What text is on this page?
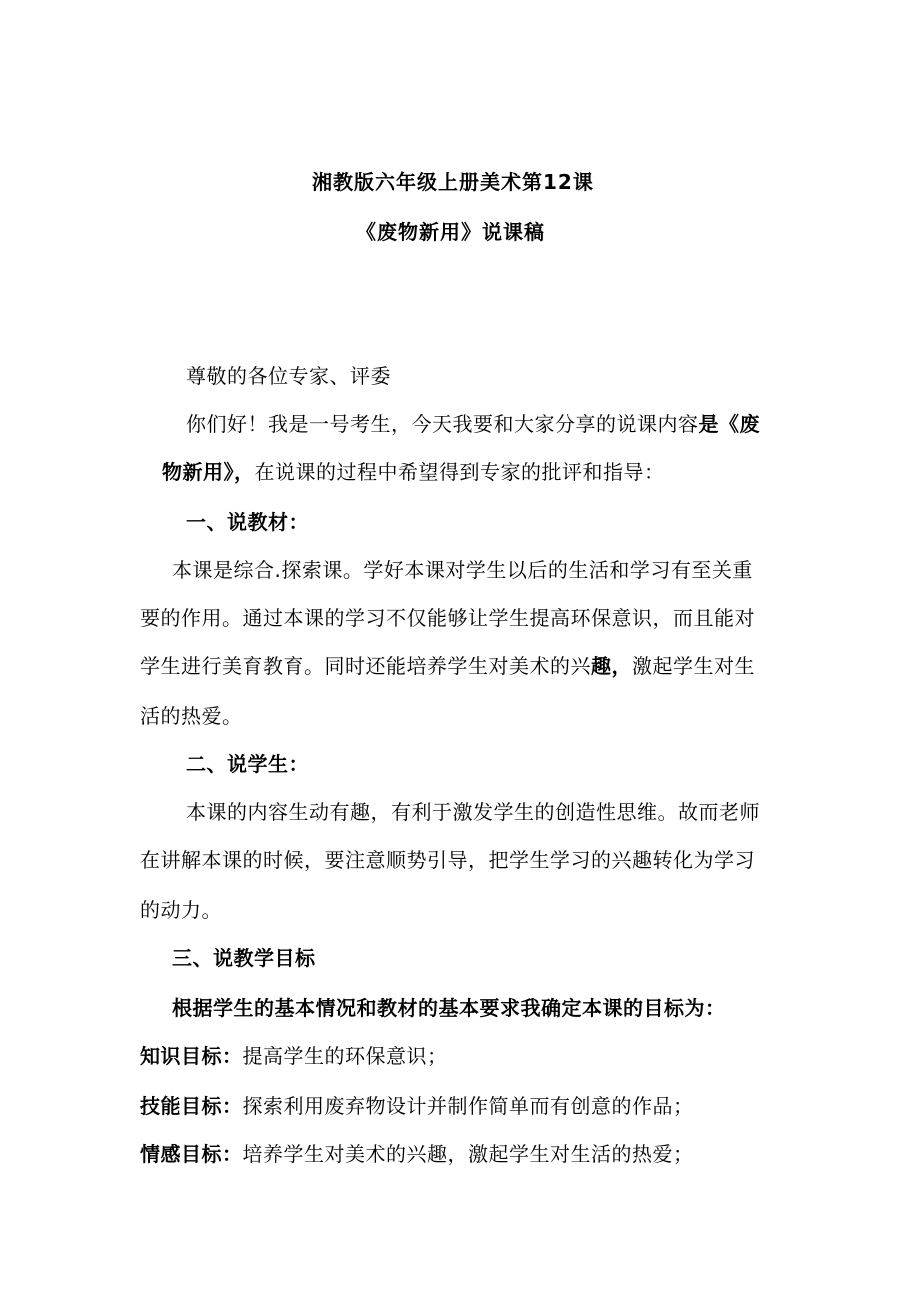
湘教版六年级上册美术第12课
《废物新用》说课稿
尊敬的各位专家、评委
你们好！我是一号考生，今天我要和大家分享的说课内容是《废
物新用》，在说课的过程中希望得到专家的批评和指导：
一、说教材：
本课是综合.探索课。学好本课对学生以后的生活和学习有至关重
要的作用。通过本课的学习不仅能够让学生提高环保意识，而且能对
学生进行美育教育。同时还能培养学生对美术的兴趣，激起学生对生
活的热爱。
二、说学生：
本课的内容生动有趣，有利于激发学生的创造性思维。故而老师
在讲解本课的时候，要注意顺势引导，把学生学习的兴趣转化为学习
的动力。
三、说教学目标
根据学生的基本情况和教材的基本要求我确定本课的目标为：
知识目标：提高学生的环保意识；
技能目标：探索利用废弃物设计并制作简单而有创意的作品；
情感目标：培养学生对美术的兴趣，激起学生对生活的热爱；
